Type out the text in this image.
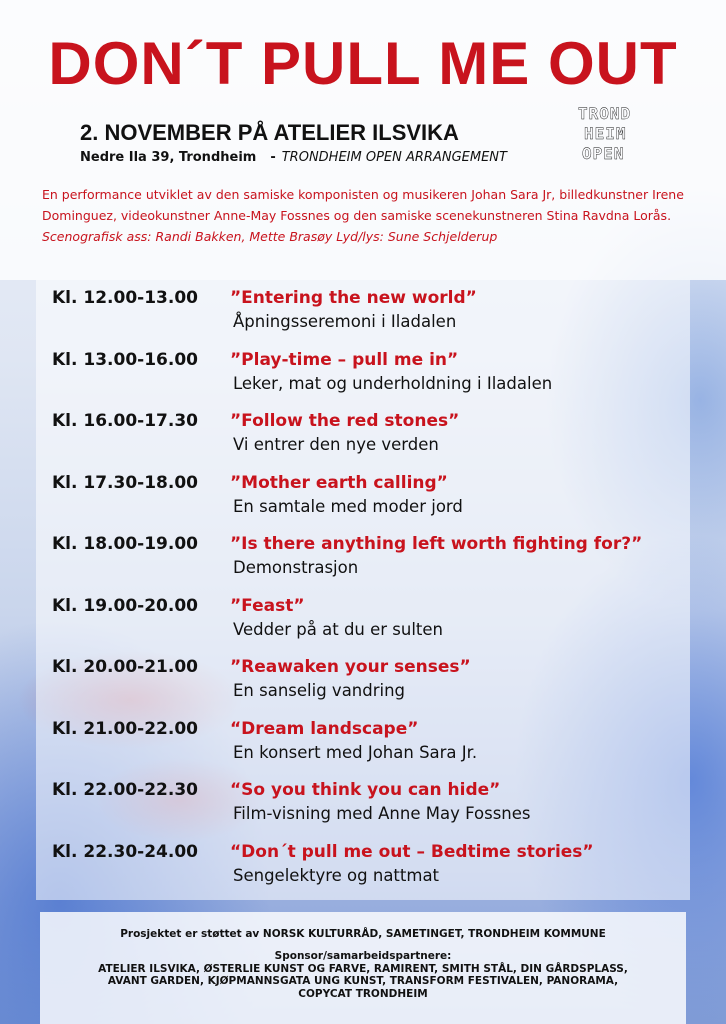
DON´T PULL ME OUT
2. NOVEMBER PÅ ATELIER ILSVIKA
Nedre Ila 39, Trondheim - TRONDHEIM OPEN ARRANGEMENT
TROND
HEIM
OPEN
En performance utviklet av den samiske komponisten og musikeren Johan Sara Jr, billedkunstner Irene Dominguez, videokunstner Anne-May Fossnes og den samiske scenekunstneren Stina Ravdna Lorås.
Scenografisk ass: Randi Bakken, Mette Brasøy Lyd/lys: Sune Schjelderup
Kl. 12.00-13.00 ”Entering the new world”
Åpningsseremoni i Iladalen
Kl. 13.00-16.00 ”Play-time – pull me in”
Leker, mat og underholdning i Iladalen
Kl. 16.00-17.30 ”Follow the red stones”
Vi entrer den nye verden
Kl. 17.30-18.00 ”Mother earth calling”
En samtale med moder jord
Kl. 18.00-19.00 ”Is there anything left worth fighting for?”
Demonstrasjon
Kl. 19.00-20.00 ”Feast”
Vedder på at du er sulten
Kl. 20.00-21.00 ”Reawaken your senses”
En sanselig vandring
Kl. 21.00-22.00 “Dream landscape”
En konsert med Johan Sara Jr.
Kl. 22.00-22.30 “So you think you can hide”
Film-visning med Anne May Fossnes
Kl. 22.30-24.00 “Don´t pull me out – Bedtime stories”
Sengelektyre og nattmat
Prosjektet er støttet av NORSK KULTURRÅD, SAMETINGET, TRONDHEIM KOMMUNE
Sponsor/samarbeidspartnere:
ATELIER ILSVIKA, ØSTERLIE KUNST OG FARVE, RAMIRENT, SMITH STÅL, DIN GÅRDSPLASS,
AVANT GARDEN, KJØPMANNSGATA UNG KUNST, TRANSFORM FESTIVALEN, PANORAMA,
COPYCAT TRONDHEIM
